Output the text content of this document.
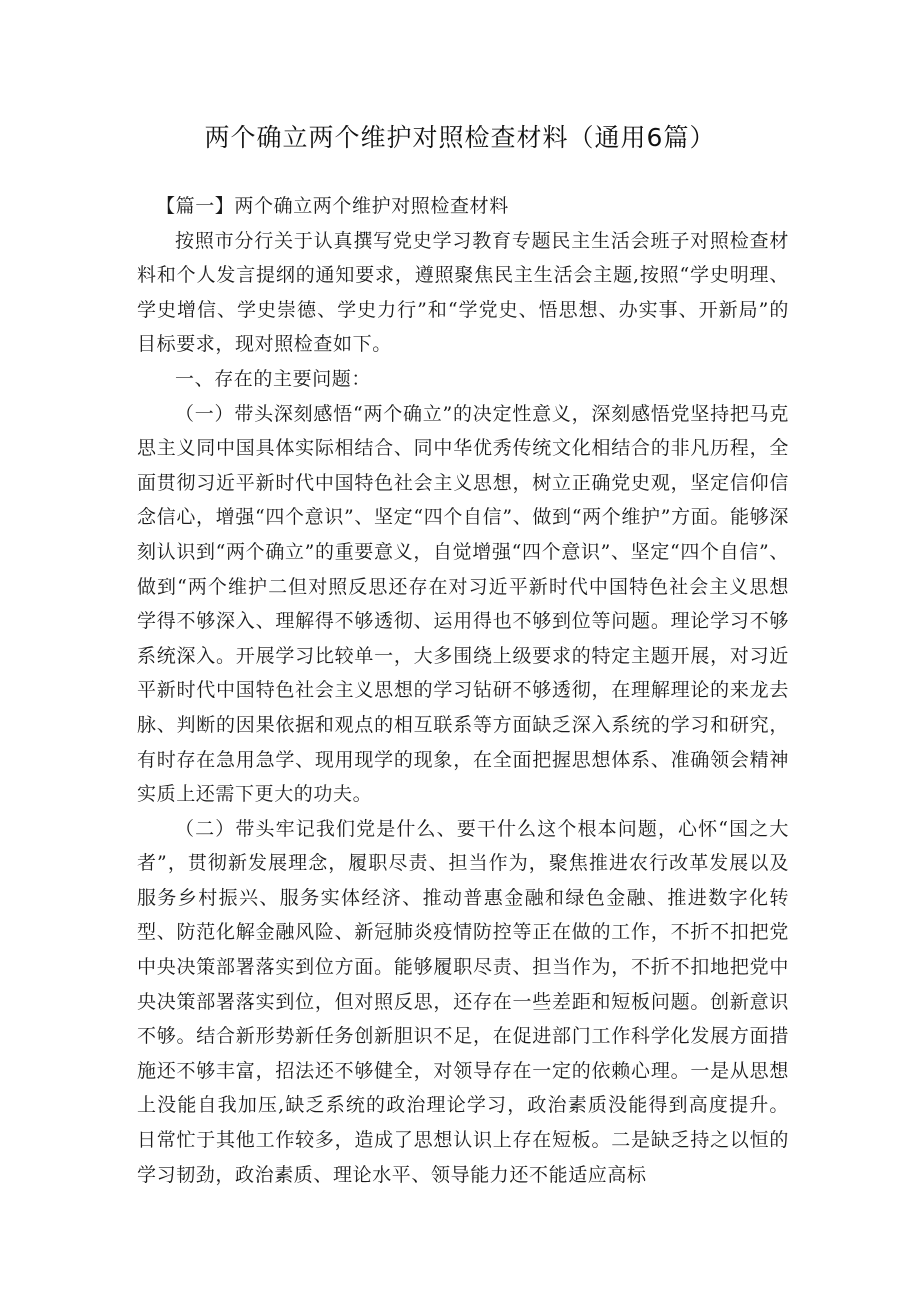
两个确立两个维护对照检查材料（通用6篇）

【篇一】两个确立两个维护对照检查材料

按照市分行关于认真撰写党史学习教育专题民主生活会班子对照检查材料和个人发言提纲的通知要求，遵照聚焦民主生活会主题,按照“学史明理、学史增信、学史崇德、学史力行”和“学党史、悟思想、办实事、开新局”的目标要求，现对照检查如下。

一、存在的主要问题：

（一）带头深刻感悟“两个确立”的决定性意义，深刻感悟党坚持把马克思主义同中国具体实际相结合、同中华优秀传统文化相结合的非凡历程，全面贯彻习近平新时代中国特色社会主义思想，树立正确党史观，坚定信仰信念信心，增强“四个意识”、坚定“四个自信”、做到“两个维护”方面。能够深刻认识到“两个确立”的重要意义，自觉增强“四个意识”、坚定“四个自信”、做到“两个维护二但对照反思还存在对习近平新时代中国特色社会主义思想学得不够深入、理解得不够透彻、运用得也不够到位等问题。理论学习不够系统深入。开展学习比较单一，大多围绕上级要求的特定主题开展，对习近平新时代中国特色社会主义思想的学习钻研不够透彻，在理解理论的来龙去脉、判断的因果依据和观点的相互联系等方面缺乏深入系统的学习和研究，有时存在急用急学、现用现学的现象，在全面把握思想体系、准确领会精神实质上还需下更大的功夫。

（二）带头牢记我们党是什么、要干什么这个根本问题，心怀“国之大者”，贯彻新发展理念，履职尽责、担当作为，聚焦推进农行改革发展以及服务乡村振兴、服务实体经济、推动普惠金融和绿色金融、推进数字化转型、防范化解金融风险、新冠肺炎疫情防控等正在做的工作，不折不扣把党中央决策部署落实到位方面。能够履职尽责、担当作为，不折不扣地把党中央决策部署落实到位，但对照反思，还存在一些差距和短板问题。创新意识不够。结合新形势新任务创新胆识不足，在促进部门工作科学化发展方面措施还不够丰富，招法还不够健全，对领导存在一定的依赖心理。一是从思想上没能自我加压,缺乏系统的政治理论学习，政治素质没能得到高度提升。日常忙于其他工作较多，造成了思想认识上存在短板。二是缺乏持之以恒的学习韧劲，政治素质、理论水平、领导能力还不能适应高标
